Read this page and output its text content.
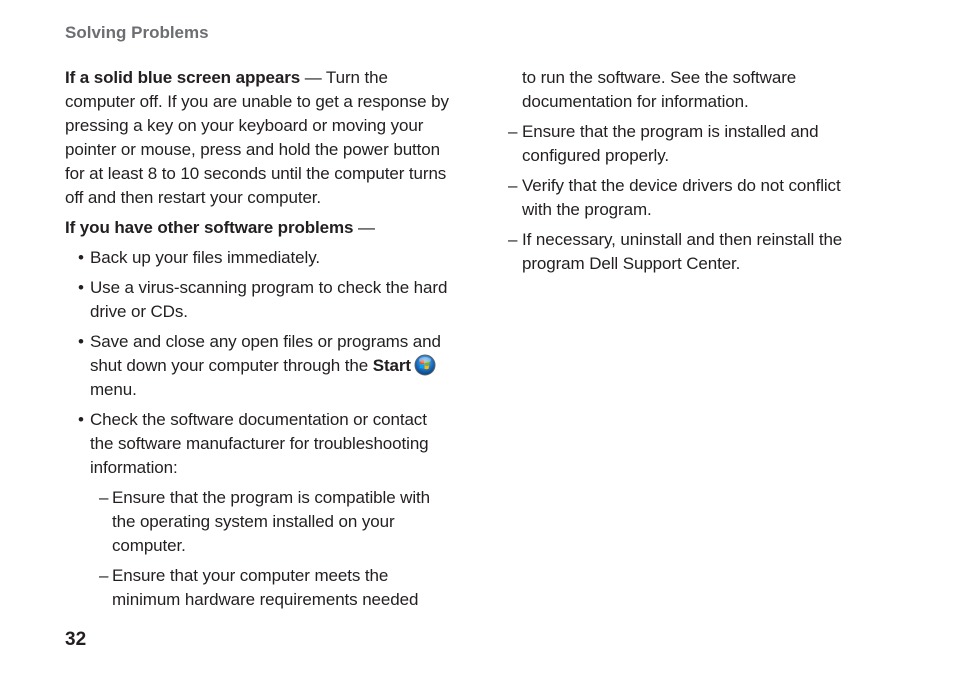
Solving Problems

If a solid blue screen appears — Turn the computer off. If you are unable to get a response by pressing a key on your keyboard or moving your pointer or mouse, press and hold the power button for at least 8 to 10 seconds until the computer turns off and then restart your computer.

If you have other software problems —

• Back up your files immediately.
• Use a virus-scanning program to check the hard drive or CDs.
• Save and close any open files or programs and shut down your computer through the Start menu.
• Check the software documentation or contact the software manufacturer for troubleshooting information:
– Ensure that the program is compatible with the operating system installed on your computer.
– Ensure that your computer meets the minimum hardware requirements needed

to run the software. See the software documentation for information.

– Ensure that the program is installed and configured properly.
– Verify that the device drivers do not conflict with the program.
– If necessary, uninstall and then reinstall the program Dell Support Center.

32
